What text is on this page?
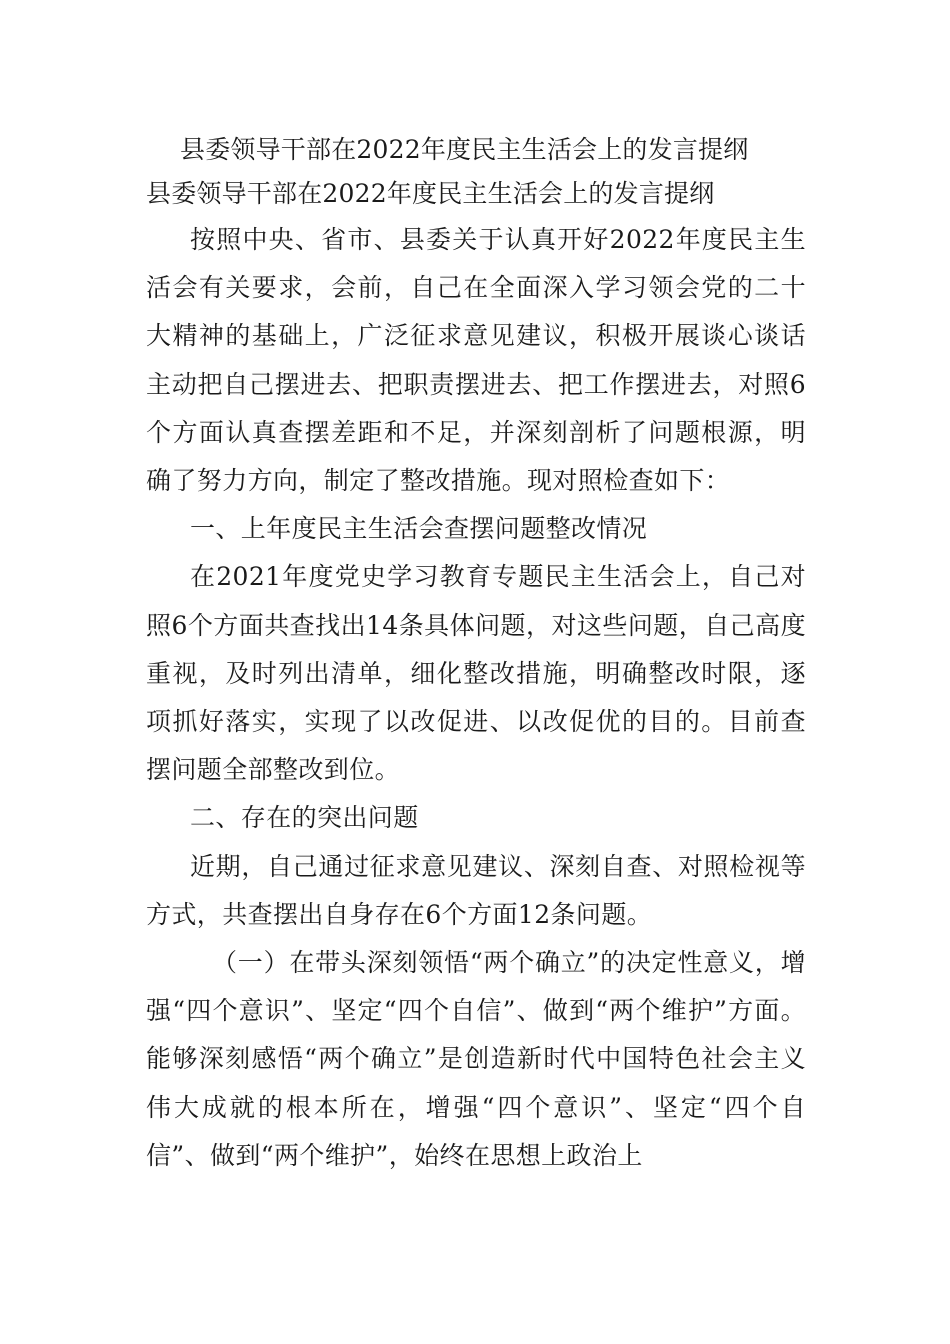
县委领导干部在2022年度民主生活会上的发言提纲

县委领导干部在2022年度民主生活会上的发言提纲

按照中央、省市、县委关于认真开好2022年度民主生活会有关要求，会前，自己在全面深入学习领会党的二十大精神的基础上，广泛征求意见建议，积极开展谈心谈话主动把自己摆进去、把职责摆进去、把工作摆进去，对照6个方面认真查摆差距和不足，并深刻剖析了问题根源，明确了努力方向，制定了整改措施。现对照检查如下：

一、上年度民主生活会查摆问题整改情况

在2021年度党史学习教育专题民主生活会上，自己对照6个方面共查找出14条具体问题，对这些问题，自己高度重视，及时列出清单，细化整改措施，明确整改时限，逐项抓好落实，实现了以改促进、以改促优的目的。目前查摆问题全部整改到位。

二、存在的突出问题

近期，自己通过征求意见建议、深刻自查、对照检视等方式，共查摆出自身存在6个方面12条问题。

（一）在带头深刻领悟“两个确立”的决定性意义，增强“四个意识”、坚定“四个自信”、做到“两个维护”方面。能够深刻感悟“两个确立”是创造新时代中国特色社会主义伟大成就的根本所在，增强“四个意识”、坚定“四个自信”、做到“两个维护”，始终在思想上政治上
